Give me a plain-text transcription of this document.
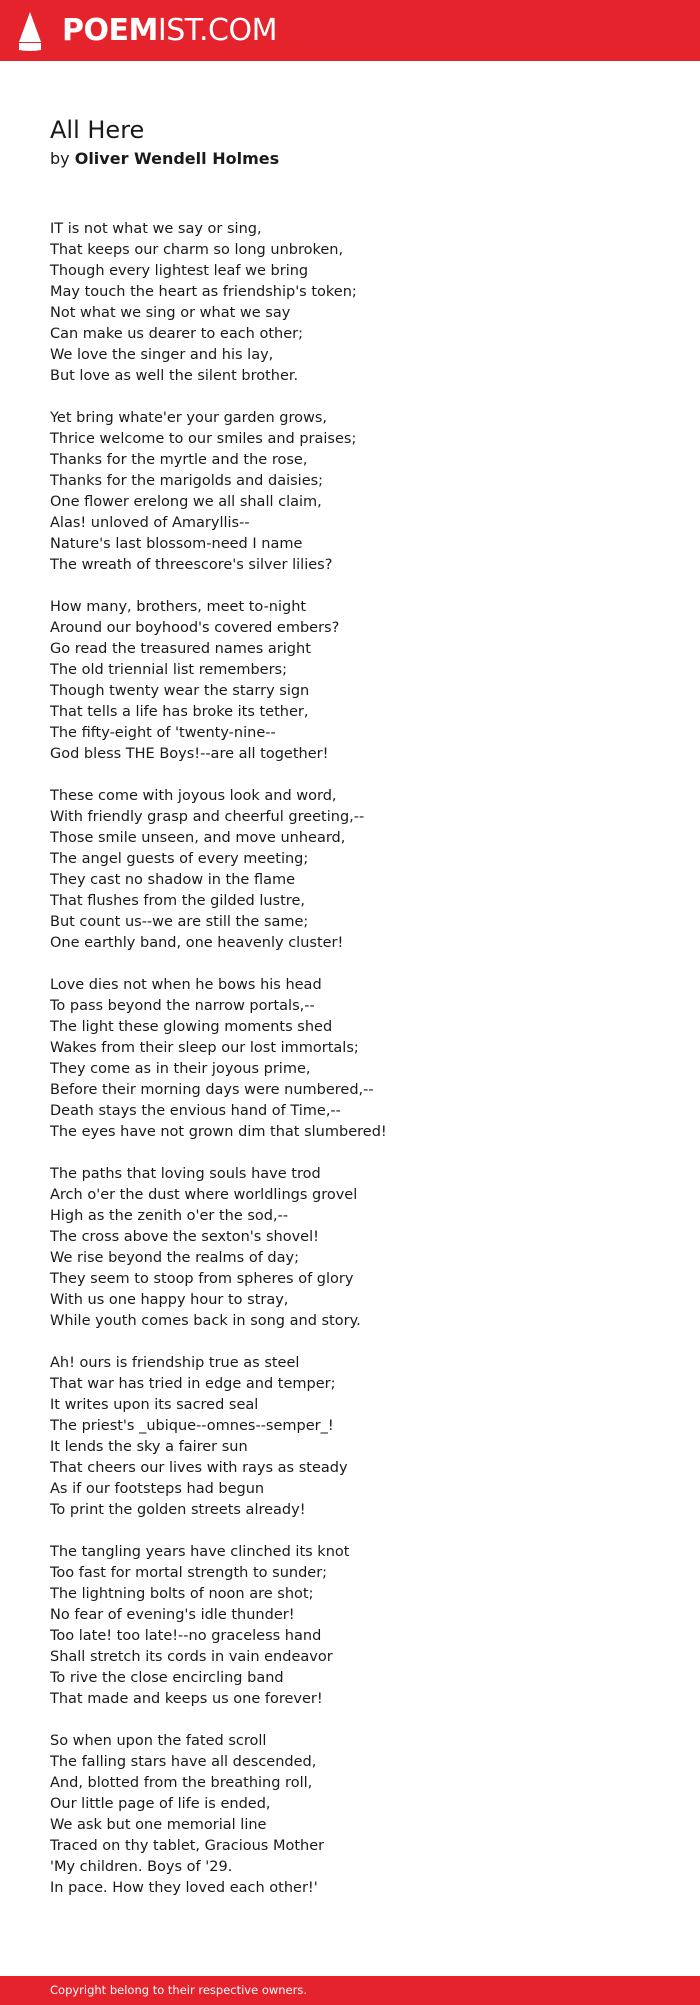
POEMIST.COM
All Here
by Oliver Wendell Holmes
IT is not what we say or sing,
That keeps our charm so long unbroken,
Though every lightest leaf we bring
May touch the heart as friendship's token;
Not what we sing or what we say
Can make us dearer to each other;
We love the singer and his lay,
But love as well the silent brother.
Yet bring whate'er your garden grows,
Thrice welcome to our smiles and praises;
Thanks for the myrtle and the rose,
Thanks for the marigolds and daisies;
One flower erelong we all shall claim,
Alas! unloved of Amaryllis--
Nature's last blossom-need I name
The wreath of threescore's silver lilies?
How many, brothers, meet to-night
Around our boyhood's covered embers?
Go read the treasured names aright
The old triennial list remembers;
Though twenty wear the starry sign
That tells a life has broke its tether,
The fifty-eight of 'twenty-nine--
God bless THE Boys!--are all together!
These come with joyous look and word,
With friendly grasp and cheerful greeting,--
Those smile unseen, and move unheard,
The angel guests of every meeting;
They cast no shadow in the flame
That flushes from the gilded lustre,
But count us--we are still the same;
One earthly band, one heavenly cluster!
Love dies not when he bows his head
To pass beyond the narrow portals,--
The light these glowing moments shed
Wakes from their sleep our lost immortals;
They come as in their joyous prime,
Before their morning days were numbered,--
Death stays the envious hand of Time,--
The eyes have not grown dim that slumbered!
The paths that loving souls have trod
Arch o'er the dust where worldlings grovel
High as the zenith o'er the sod,--
The cross above the sexton's shovel!
We rise beyond the realms of day;
They seem to stoop from spheres of glory
With us one happy hour to stray,
While youth comes back in song and story.
Ah! ours is friendship true as steel
That war has tried in edge and temper;
It writes upon its sacred seal
The priest's _ubique--omnes--semper_!
It lends the sky a fairer sun
That cheers our lives with rays as steady
As if our footsteps had begun
To print the golden streets already!
The tangling years have clinched its knot
Too fast for mortal strength to sunder;
The lightning bolts of noon are shot;
No fear of evening's idle thunder!
Too late! too late!--no graceless hand
Shall stretch its cords in vain endeavor
To rive the close encircling band
That made and keeps us one forever!
So when upon the fated scroll
The falling stars have all descended,
And, blotted from the breathing roll,
Our little page of life is ended,
We ask but one memorial line
Traced on thy tablet, Gracious Mother
'My children. Boys of '29.
In pace. How they loved each other!'
Copyright belong to their respective owners.
